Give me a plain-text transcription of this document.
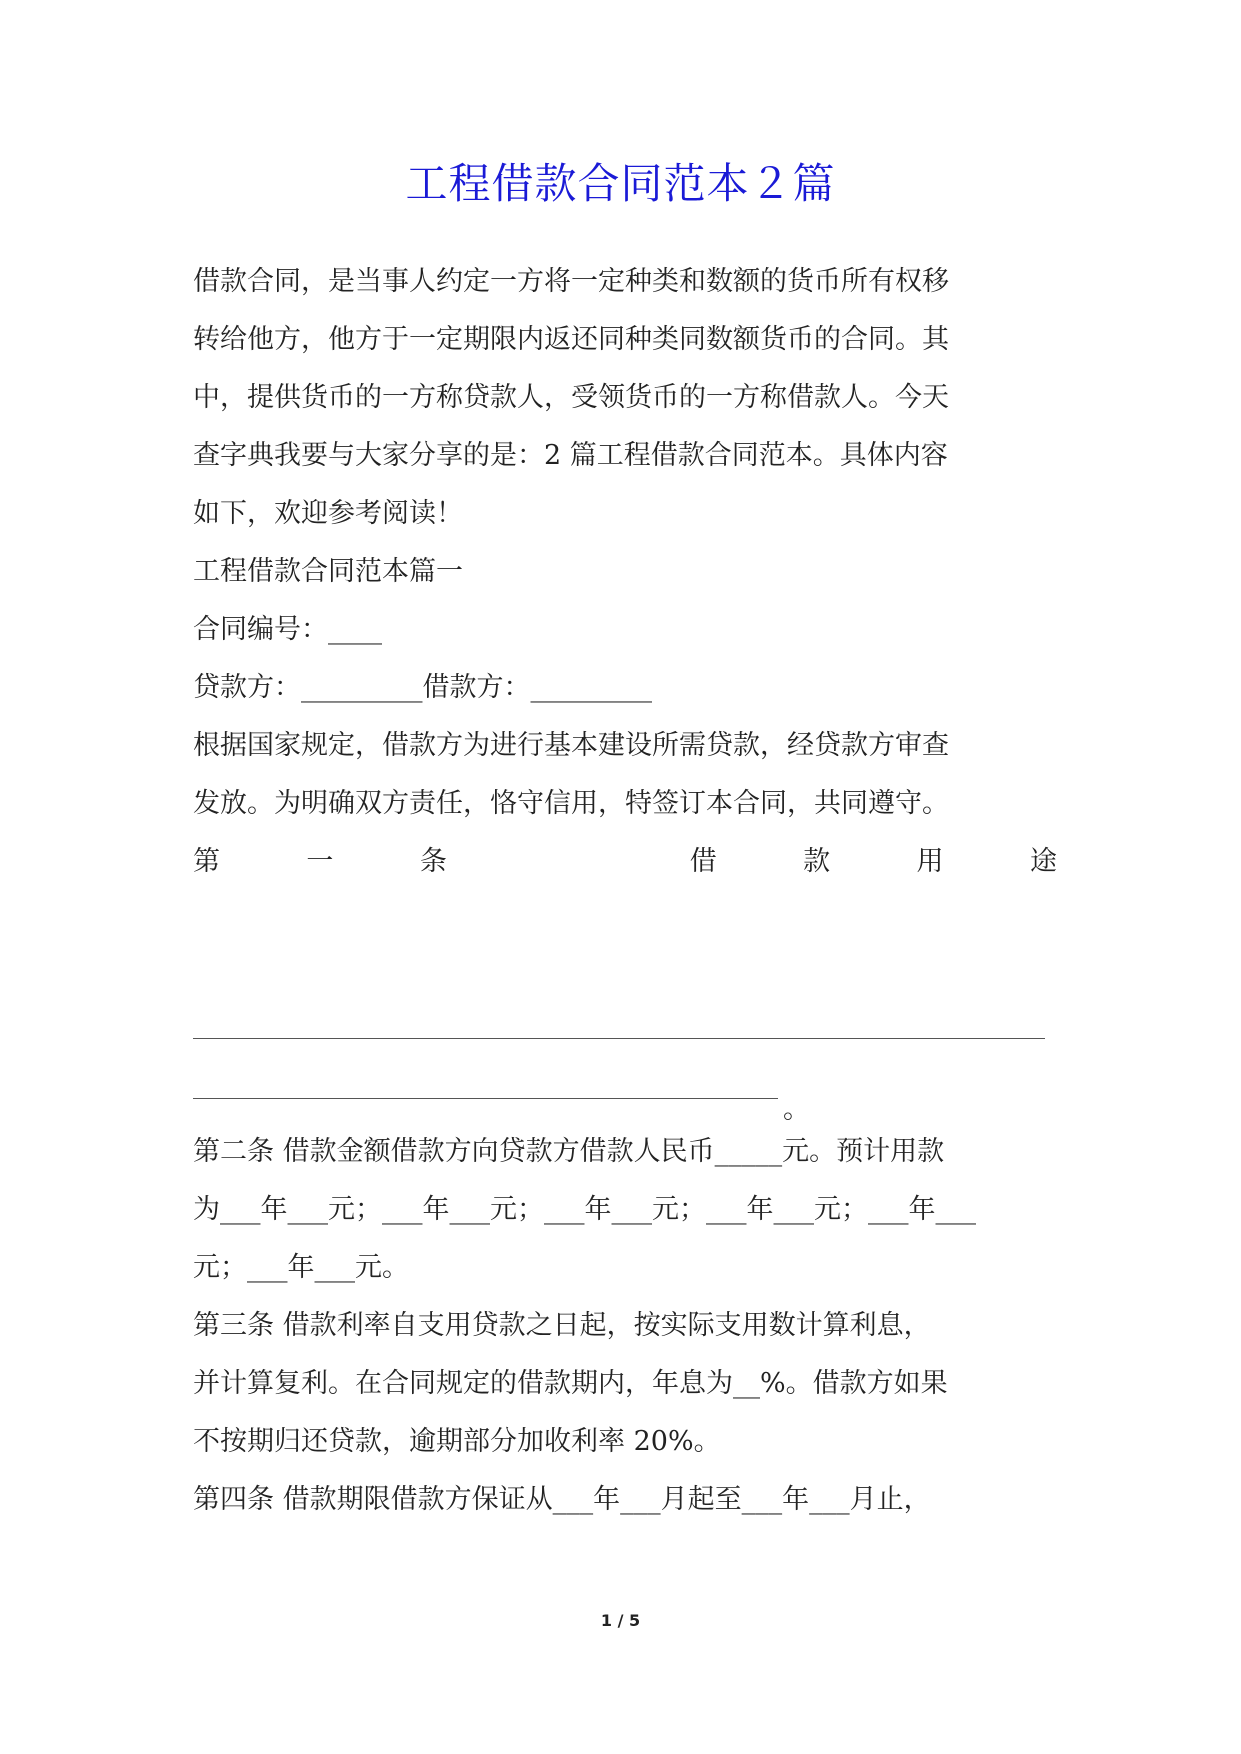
工程借款合同范本２篇
借款合同，是当事人约定一方将一定种类和数额的货币所有权移
转给他方，他方于一定期限内返还同种类同数额货币的合同。其
中，提供货币的一方称贷款人，受领货币的一方称借款人。今天
查字典我要与大家分享的是：2 篇工程借款合同范本。具体内容
如下，欢迎参考阅读！
工程借款合同范本篇一
合同编号：____
贷款方：_________借款方：_________
根据国家规定，借款方为进行基本建设所需贷款，经贷款方审查
发放。为明确双方责任，恪守信用，特签订本合同，共同遵守。
第	一	条	借	款	用	途
。
第二条 借款金额借款方向贷款方借款人民币_____元。预计用款
为___年___元；___年___元；___年___元；___年___元；___年___
元；___年___元。
第三条 借款利率自支用贷款之日起，按实际支用数计算利息，
并计算复利。在合同规定的借款期内，年息为__%。借款方如果
不按期归还贷款，逾期部分加收利率 20%。
第四条 借款期限借款方保证从___年___月起至___年___月止，
1 / 5
